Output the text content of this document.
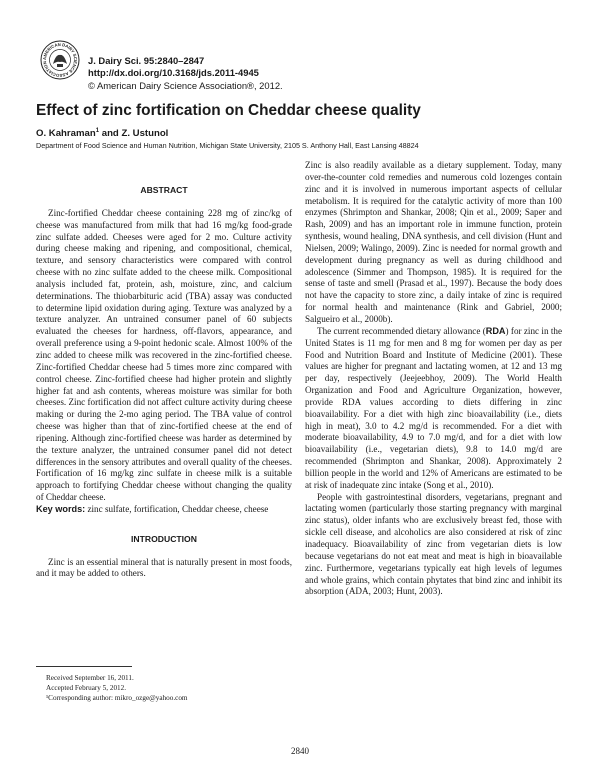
AMERICAN DAIRY SCIENCE ASSOCIATION	J. Dairy Sci. 95:2840–2847
http://dx.doi.org/10.3168/jds.2011-4945
© American Dairy Science Association®, 2012.
Effect of zinc fortification on Cheddar cheese quality
O. Kahraman$^1$ and Z. Ustunol
Department of Food Science and Human Nutrition, Michigan State University, 2105 S. Anthony Hall, East Lansing 48824
ABSTRACT

Zinc-fortified Cheddar cheese containing 228 mg of zinc/kg of cheese was manufactured from milk that had 16 mg/kg food-grade zinc sulfate added. Cheeses were aged for 2 mo. Culture activity during cheese making and ripening, and compositional, chemical, texture, and sensory characteristics were compared with control cheese with no zinc sulfate added to the cheese milk. Compositional analysis included fat, protein, ash, moisture, zinc, and calcium determinations. The thiobarbituric acid (TBA) assay was conducted to determine lipid oxidation during aging. Texture was analyzed by a texture analyzer. An untrained consumer panel of 60 subjects evaluated the cheeses for hardness, off-flavors, appearance, and overall preference using a 9-point hedonic scale. Almost 100% of the zinc added to cheese milk was recovered in the zinc-fortified cheese. Zinc-fortified Cheddar cheese had 5 times more zinc compared with control cheese. Zinc-fortified cheese had higher protein and slightly higher fat and ash contents, whereas moisture was similar for both cheeses. Zinc fortification did not affect culture activity during cheese making or during the 2-mo aging period. The TBA value of control cheese was higher than that of zinc-fortified cheese at the end of ripening. Although zinc-fortified cheese was harder as determined by the texture analyzer, the untrained consumer panel did not detect differences in the sensory attributes and overall quality of the cheeses. Fortification of 16 mg/kg zinc sulfate in cheese milk is a suitable approach to fortifying Cheddar cheese without changing the quality of Cheddar cheese.

Key words: zinc sulfate, fortification, Cheddar cheese, cheese

INTRODUCTION

Zinc is an essential mineral that is naturally present in most foods, and it may be added to others.

Zinc is also readily available as a dietary supplement. Today, many over-the-counter cold remedies and numerous cold lozenges contain zinc and it is involved in numerous important aspects of cellular metabolism. It is required for the catalytic activity of more than 100 enzymes (Shrimpton and Shankar, 2008; Qin et al., 2009; Saper and Rash, 2009) and has an important role in immune function, protein synthesis, wound healing, DNA synthesis, and cell division (Hunt and Nielsen, 2009; Walingo, 2009). Zinc is needed for normal growth and development during pregnancy as well as during childhood and adolescence (Simmer and Thompson, 1985). It is required for the sense of taste and smell (Prasad et al., 1997). Because the body does not have the capacity to store zinc, a daily intake of zinc is required for normal health and maintenance (Rink and Gabriel, 2000; Salgueiro et al., 2000b).

The current recommended dietary allowance (RDA) for zinc in the United States is 11 mg for men and 8 mg for women per day as per Food and Nutrition Board and Institute of Medicine (2001). These values are higher for pregnant and lactating women, at 12 and 13 mg per day, respectively (Jeejeebhoy, 2009). The World Health Organization and Food and Agriculture Organization, however, provide RDA values according to diets differing in zinc bioavailability. For a diet with high zinc bioavailability (i.e., diets high in meat), 3.0 to 4.2 mg/d is recommended. For a diet with moderate bioavailability, 4.9 to 7.0 mg/d, and for a diet with low bioavailability (i.e., vegetarian diets), 9.8 to 14.0 mg/d are recommended (Shrimpton and Shankar, 2008). Approximately 2 billion people in the world and 12% of Americans are estimated to be at risk of inadequate zinc intake (Song et al., 2010).

People with gastrointestinal disorders, vegetarians, pregnant and lactating women (particularly those starting pregnancy with marginal zinc status), older infants who are exclusively breast fed, those with sickle cell disease, and alcoholics are also considered at risk of zinc inadequacy. Bioavailability of zinc from vegetarian diets is low because vegetarians do not eat meat and meat is high in bioavailable zinc. Furthermore, vegetarians typically eat high levels of legumes and whole grains, which contain phytates that bind zinc and inhibit its absorption (ADA, 2003; Hunt, 2003).

Received September 16, 2011.
Accepted February 5, 2012.
¹Corresponding author: mikro_ozge@yahoo.com
2840
